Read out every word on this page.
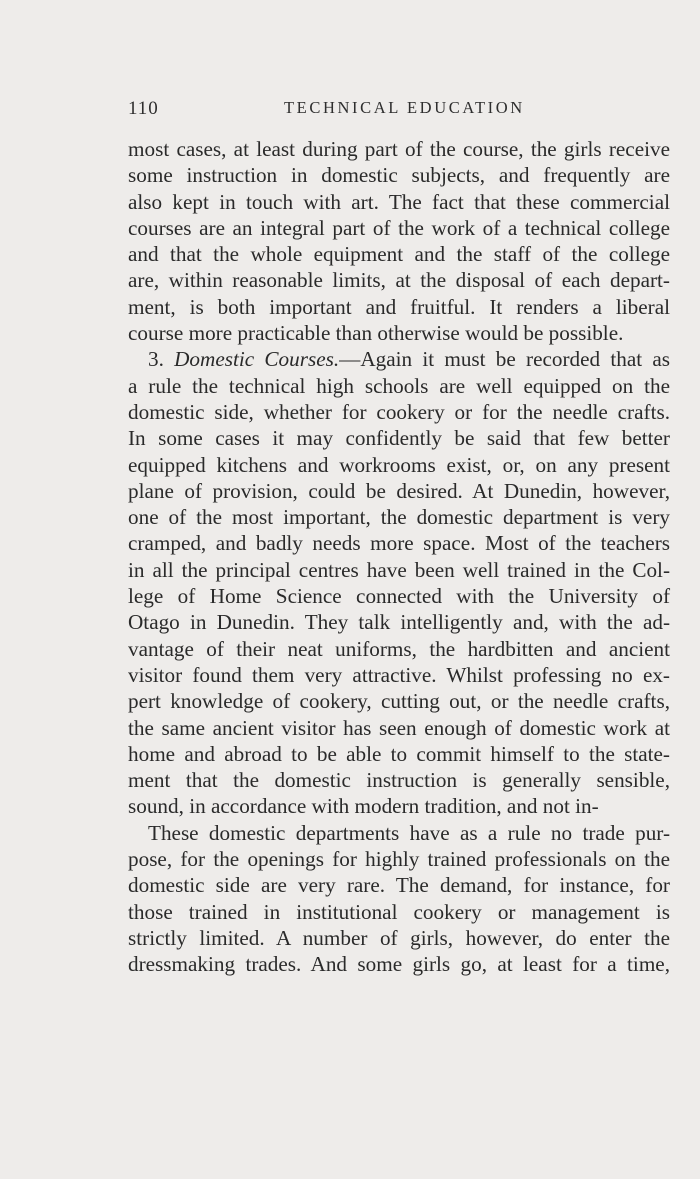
110	TECHNICAL EDUCATION
most cases, at least during part of the course, the girls receive
some instruction in domestic subjects, and frequently are
also kept in touch with art. The fact that these commercial
courses are an integral part of the work of a technical college
and that the whole equipment and the staff of the college
are, within reasonable limits, at the disposal of each depart-
ment, is both important and fruitful. It renders a liberal
course more practicable than otherwise would be possible.
3. Domestic Courses.—Again it must be recorded that as
a rule the technical high schools are well equipped on the
domestic side, whether for cookery or for the needle crafts.
In some cases it may confidently be said that few better
equipped kitchens and workrooms exist, or, on any present
plane of provision, could be desired. At Dunedin, however,
one of the most important, the domestic department is very
cramped, and badly needs more space. Most of the teachers
in all the principal centres have been well trained in the Col-
lege of Home Science connected with the University of
Otago in Dunedin. They talk intelligently and, with the ad-
vantage of their neat uniforms, the hardbitten and ancient
visitor found them very attractive. Whilst professing no ex-
pert knowledge of cookery, cutting out, or the needle crafts,
the same ancient visitor has seen enough of domestic work at
home and abroad to be able to commit himself to the state-
ment that the domestic instruction is generally sensible,
sound, in accordance with modern tradition, and not in-
These domestic departments have as a rule no trade pur-
pose, for the openings for highly trained professionals on the
domestic side are very rare. The demand, for instance, for
those trained in institutional cookery or management is
strictly limited. A number of girls, however, do enter the
dressmaking trades. And some girls go, at least for a time,
